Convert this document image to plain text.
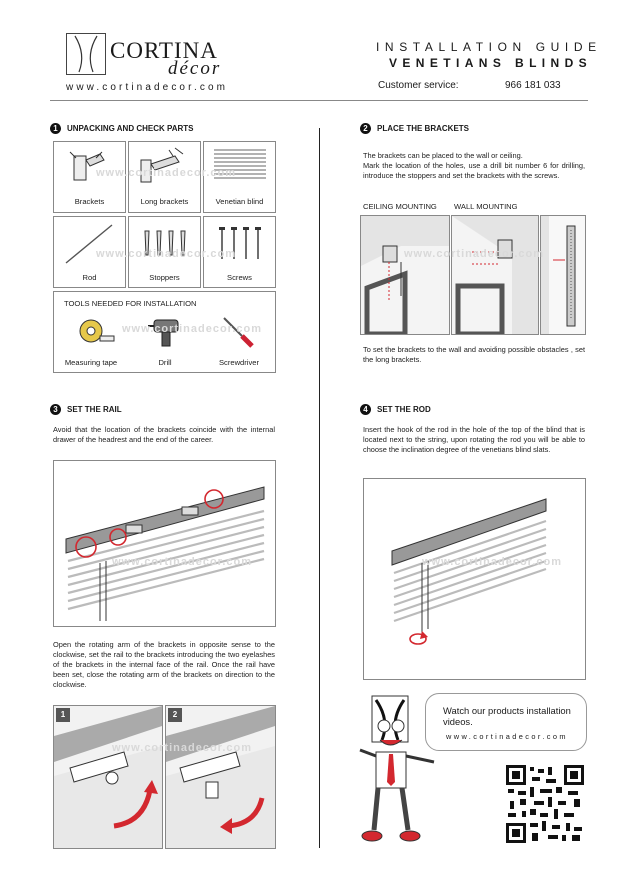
CORTINA
décor
www.cortinadecor.com
INSTALLATION GUIDE
VENETIANS BLINDS
Customer service:	966 181 033
1	UNPACKING AND CHECK PARTS
Brackets	Long brackets	Venetian blind
Rod	Stoppers	Screws
TOOLS NEEDED FOR INSTALLATION
Measuring tape	Drill	Screwdriver
www.cortinadecor.com
www.cortinadecor.com
www.cortinadecor.com
2	PLACE THE BRACKETS
The brackets can be placed to the wall or ceiling.
Mark the location of the holes, use a drill bit number 6 for drilling, introduce the stoppers and set the brackets with the screws.
CEILING MOUNTING WALL MOUNTING
www.cortinadecor.com
To set the brackets to the wall and avoiding possible obstacles , set the long brackets.
3	SET THE RAIL
Avoid that the location of the brackets coincide with the internal drawer of the headrest and the end of the career.
www.cortinadecor.com
Open the rotating arm of the brackets in opposite sense to the clockwise, set the rail to the brackets introducing the two eyelashes of the brackets in the internal face of the rail. Once the rail have been set, close the rotating arm of the brackets on direction to the clockwise.
1	2
www.cortinadecor.com
4	SET THE ROD
Insert the hook of the rod in the hole of the top of the blind that is located next to the string, upon rotating the rod you will be able to choose the inclination degree of the venetians blind slats.
www.cortinadecor.com
Watch our products installation
videos.
www.cortinadecor.com
